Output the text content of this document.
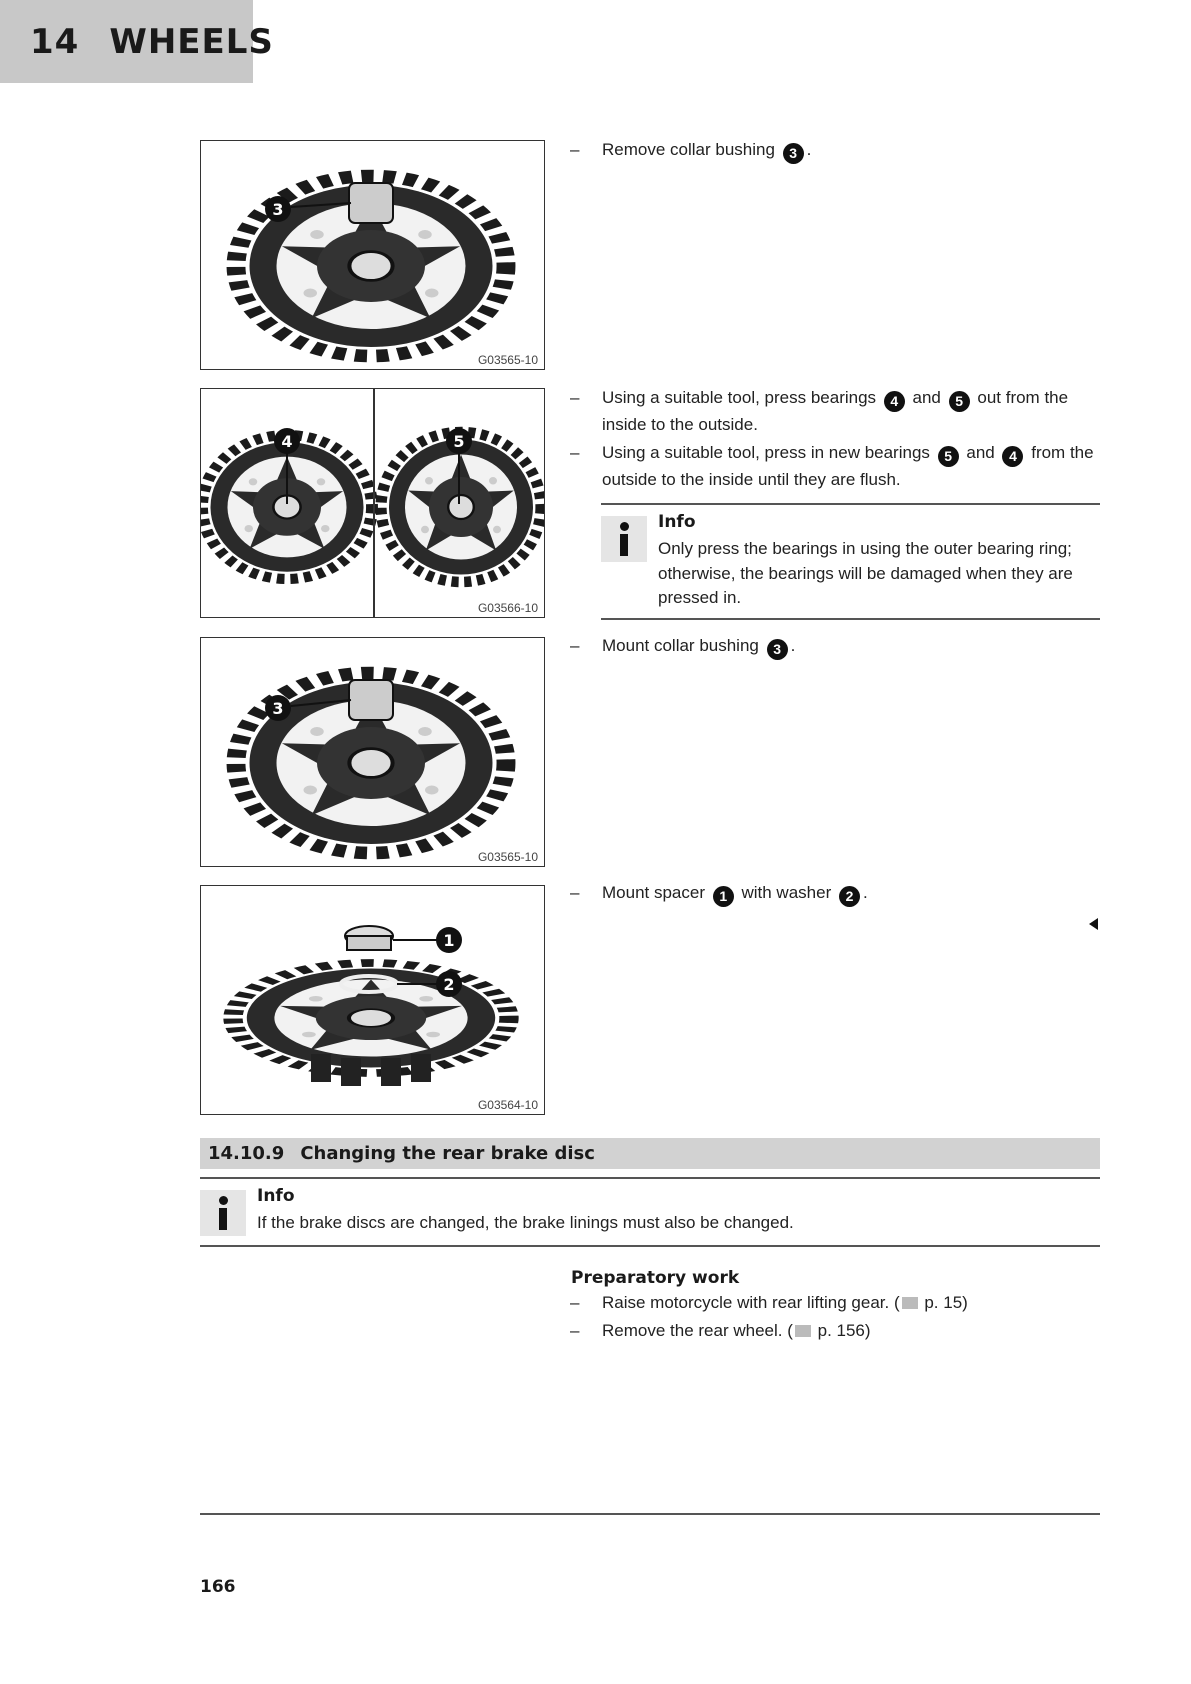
14 WHEELS
3
G03565-10
4	5
G03566-10
3
G03565-10
1
2
G03564-10
– Remove collar bushing 3 .
– Using a suitable tool, press bearings 4 and 5 out from the inside to the outside.
– Using a suitable tool, press in new bearings 5 and 4 from the outside to the inside until they are flush.
Info
Only press the bearings in using the outer bearing ring; otherwise, the bearings will be damaged when they are pressed in.
– Mount collar bushing 3 .
– Mount spacer 1 with washer 2 .
14.10.9 Changing the rear brake disc
Info
If the brake discs are changed, the brake linings must also be changed.
Preparatory work
– Raise motorcycle with rear lifting gear. ( p. 15)
– Remove the rear wheel. ( p. 156)
166
